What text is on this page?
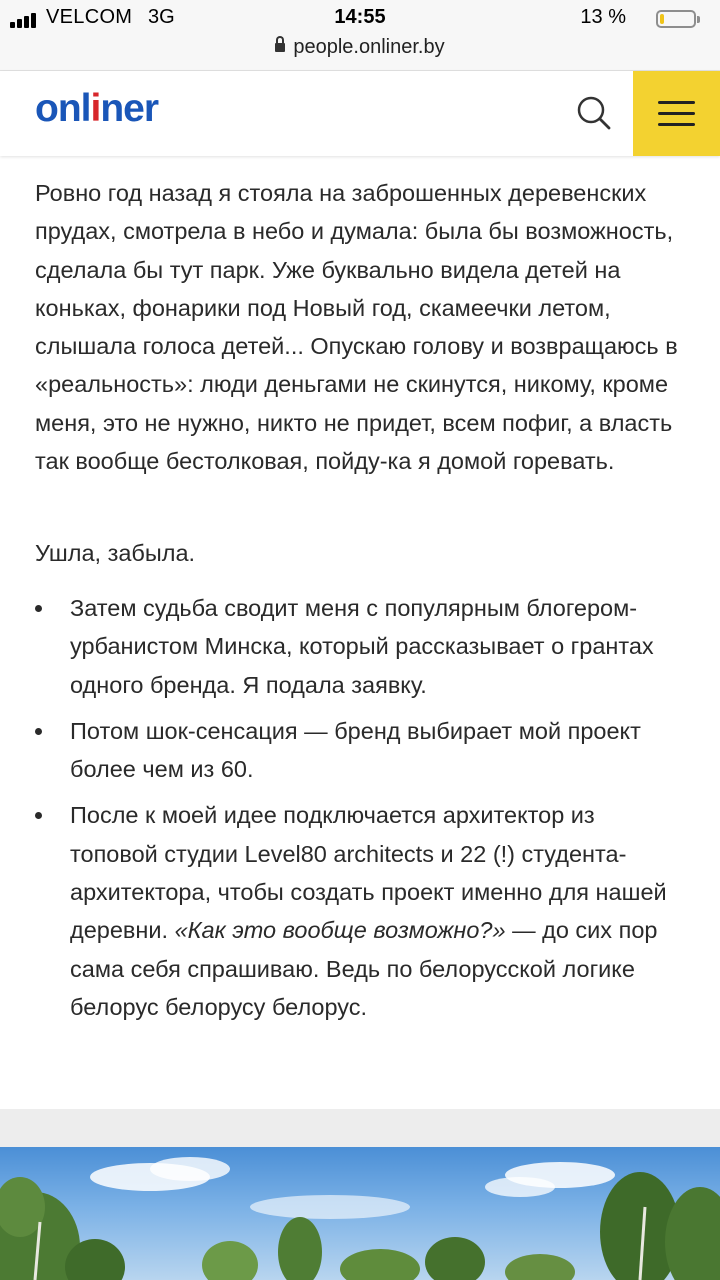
VELCOM 3G	14:55	13 %
people.onliner.by
onliner

Ровно год назад я стояла на заброшенных деревенских прудах, смотрела в небо и думала: была бы возможность, сделала бы тут парк. Уже буквально видела детей на коньках, фонарики под Новый год, скамеечки летом, слышала голоса детей... Опускаю голову и возвращаюсь в «реальность»: люди деньгами не скинутся, никому, кроме меня, это не нужно, никто не придет, всем пофиг, а власть так вообще бестолковая, пойду-ка я домой горевать.

Ушла, забыла.

Затем судьба сводит меня с популярным блогером-урбанистом Минска, который рассказывает о грантах одного бренда. Я подала заявку.
Потом шок-сенсация — бренд выбирает мой проект более чем из 60.
После к моей идее подключается архитектор из топовой студии Level80 architects и 22 (!) студента-архитектора, чтобы создать проект именно для нашей деревни. «Как это вообще возможно?» — до сих пор сама себя спрашиваю. Ведь по белорусской логике белорус белорусу белорус.
